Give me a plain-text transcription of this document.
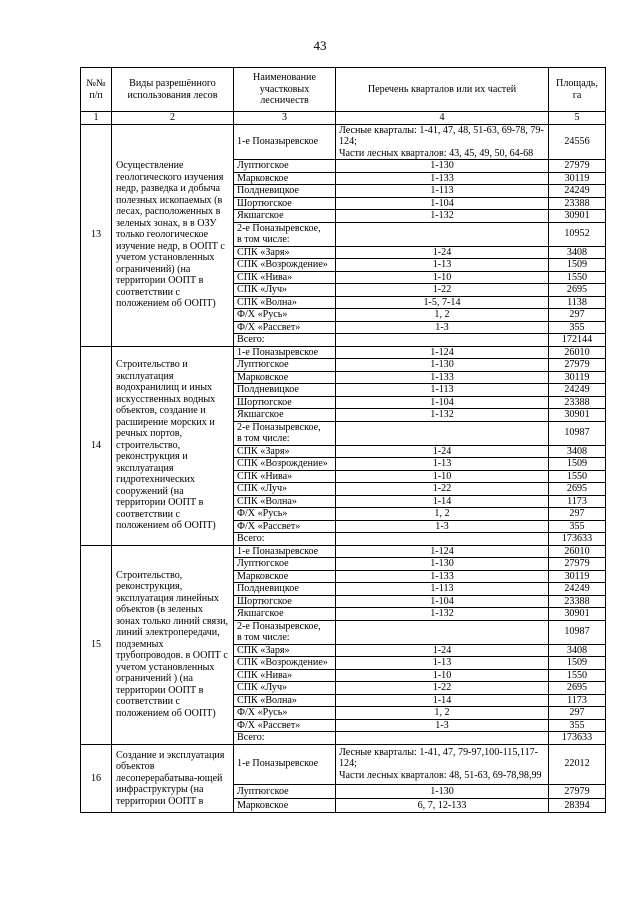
43
№№
п/п	Виды разрешённого использования лесов	Наименование участковых лесничеств	Перечень кварталов или их частей	Площадь, га
1	2	3	4	5
13	Осуществление геологического изучения недр, разведка и добыча полезных ископаемых (в лесах, расположенных в зеленых зонах, в в ОЗУ только геологическое изучение недр, в ООПТ с учетом установленных ограничений) (на территории ООПТ в соответствии с положением об ООПТ)	1-е Поназыревское	Лесные кварталы: 1-41, 47, 48, 51-63, 69-78, 79-124;
Части лесных кварталов: 43, 45, 49, 50, 64-68	24556
		Луптюгское	1-130	27979
		Марковское	1-133	30119
		Полдневицкое	1-113	24249
		Шортюгское	1-104	23388
		Якшагское	1-132	30901
		2-е Поназыревское,
в том числе:		10952
		СПК «Заря»	1-24	3408
		СПК «Возрождение»	1-13	1509
		СПК «Нива»	1-10	1550
		СПК «Луч»	1-22	2695
		СПК «Волна»	1-5, 7-14	1138
		Ф/Х «Русь»	1, 2	297
		Ф/Х «Рассвет»	1-3	355
		Всего:		172144
14	Строительство и эксплуатация водохранилищ и иных искусственных водных объектов, создание и расширение морских и речных портов, строительство, реконструкция и эксплуатация гидротехнических сооружений (на территории ООПТ в соответствии с положением об ООПТ)	1-е Поназыревское	1-124	26010
		Луптюгское	1-130	27979
		Марковское	1-133	30119
		Полдневицкое	1-113	24249
		Шортюгское	1-104	23388
		Якшагское	1-132	30901
		2-е Поназыревское,
в том числе:		10987
		СПК «Заря»	1-24	3408
		СПК «Возрождение»	1-13	1509
		СПК «Нива»	1-10	1550
		СПК «Луч»	1-22	2695
		СПК «Волна»	1-14	1173
		Ф/Х «Русь»	1, 2	297
		Ф/Х «Рассвет»	1-3	355
		Всего:		173633
15	Строительство, реконструкция, эксплуатация линейных объектов (в зеленых зонах только линий связи, линий электропередачи, подземных трубопроводов. в ООПТ с учетом установленных ограничений ) (на территории ООПТ в соответствии с положением об ООПТ)	1-е Поназыревское	1-124	26010
		Луптюгское	1-130	27979
		Марковское	1-133	30119
		Полдневицкое	1-113	24249
		Шортюгское	1-104	23388
		Якшагское	1-132	30901
		2-е Поназыревское,
в том числе:		10987
		СПК «Заря»	1-24	3408
		СПК «Возрождение»	1-13	1509
		СПК «Нива»	1-10	1550
		СПК «Луч»	1-22	2695
		СПК «Волна»	1-14	1173
		Ф/Х «Русь»	1, 2	297
		Ф/Х «Рассвет»	1-3	355
		Всего:		173633
16	Создание и эксплуатация объектов лесоперерабатыва-ющей инфраструктуры (на территории ООПТ в	1-е Поназыревское	Лесные кварталы: 1-41, 47, 79-97,100-115,117-124;
Части лесных кварталов: 48, 51-63, 69-78,98,99	22012
		Луптюгское	1-130	27979
		Марковское	6, 7, 12-133	28394
